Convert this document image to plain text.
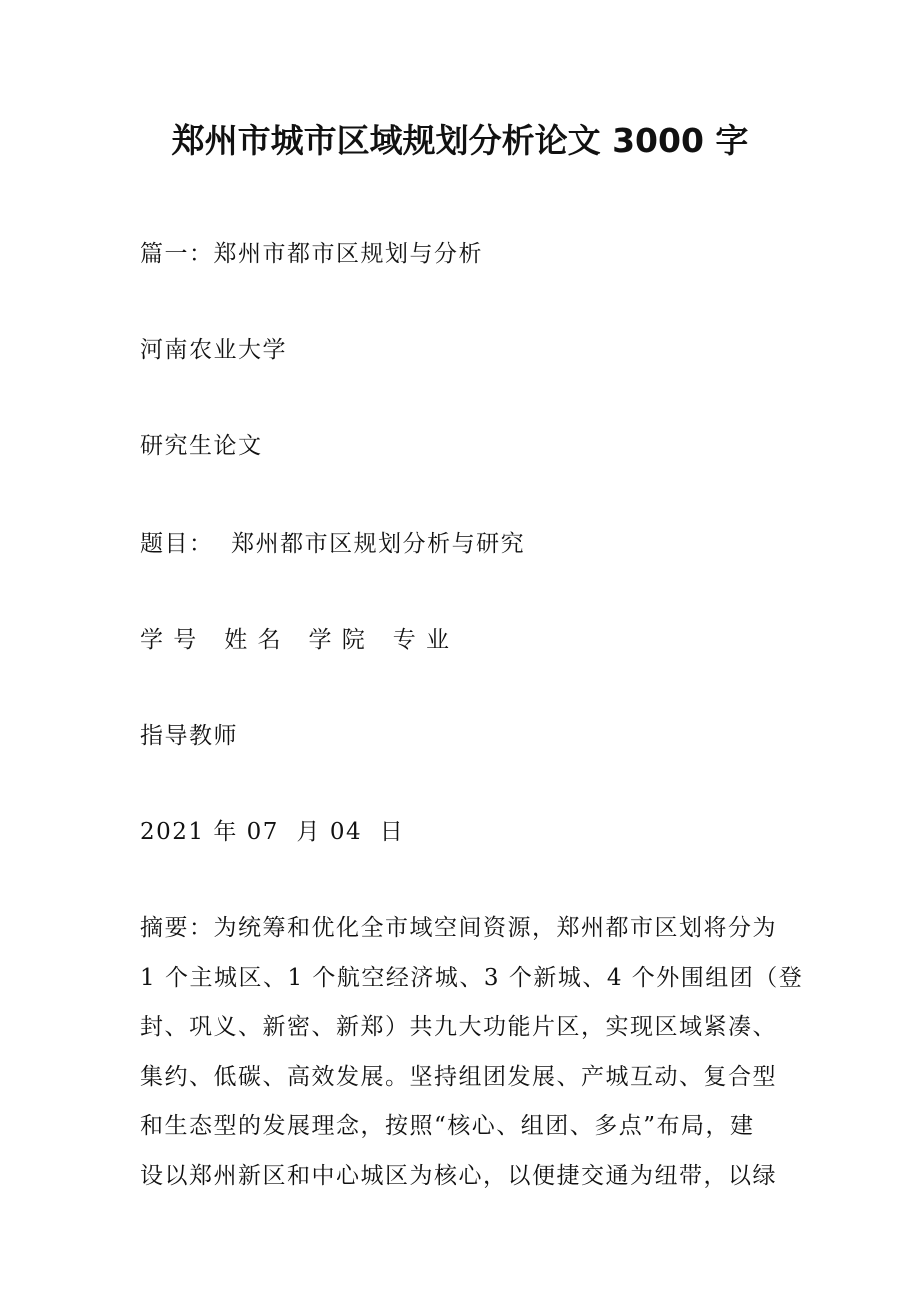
郑州市城市区域规划分析论文 3000 字
篇一：郑州市都市区规划与分析
河南农业大学
研究生论文
题目：  郑州都市区规划分析与研究
学 号   姓 名   学 院   专 业
指导教师
2021 年 07  月 04  日
摘要：为统筹和优化全市域空间资源，郑州都市区划将分为
1 个主城区、1 个航空经济城、3 个新城、4 个外围组团（登
封、巩义、新密、新郑）共九大功能片区，实现区域紧凑、
集约、低碳、高效发展。坚持组团发展、产城互动、复合型
和生态型的发展理念，按照“核心、组团、多点”布局，建
设以郑州新区和中心城区为核心，以便捷交通为纽带，以绿
